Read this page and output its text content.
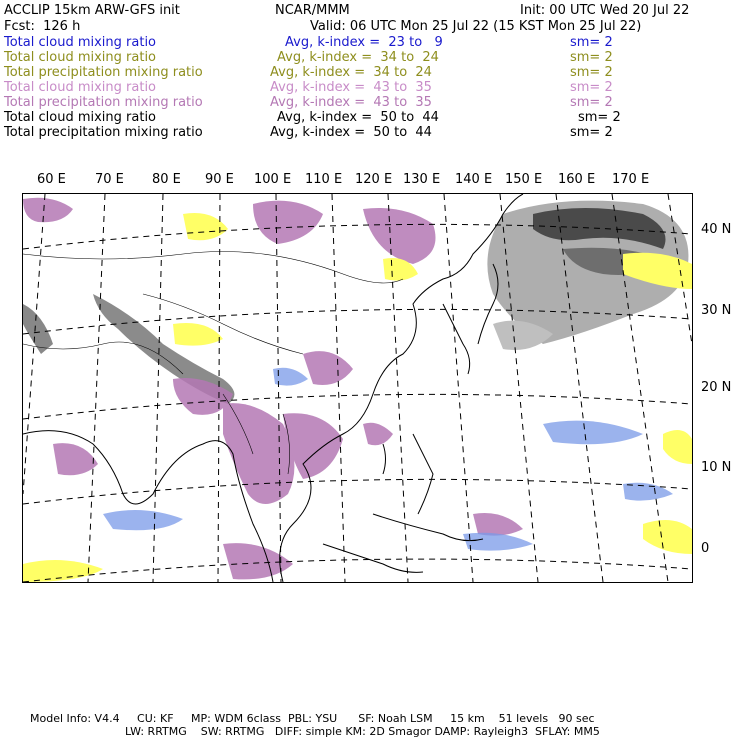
ACCLIP 15km ARW-GFS init	NCAR/MMM	Init: 00 UTC Wed 20 Jul 22
Fcst:  126 h	Valid: 06 UTC Mon 25 Jul 22 (15 KST Mon 25 Jul 22)
Total cloud mixing ratio	Avg, k-index =  23 to   9	sm= 2
Total cloud mixing ratio	Avg, k-index =  34 to  24	sm= 2
Total precipitation mixing ratio	Avg, k-index =  34 to  24	sm= 2
Total cloud mixing ratio	Avg, k-index =  43 to  35	sm= 2
Total precipitation mixing ratio	Avg, k-index =  43 to  35	sm= 2
Total cloud mixing ratio	Avg, k-index =  50 to  44	sm= 2
Total precipitation mixing ratio	Avg, k-index =  50 to  44	sm= 2
60 E 70 E 80 E 90 E 100 E 110 E 120 E 130 E 140 E 150 E 160 E 170 E
40 N
30 N
20 N
10 N
0
Model Info: V4.4     CU: KF     MP: WDM 6class  PBL: YSU      SF: Noah LSM     15 km    51 levels   90 sec
LW: RRTMG    SW: RRTMG   DIFF: simple KM: 2D Smagor DAMP: Rayleigh3  SFLAY: MM5
